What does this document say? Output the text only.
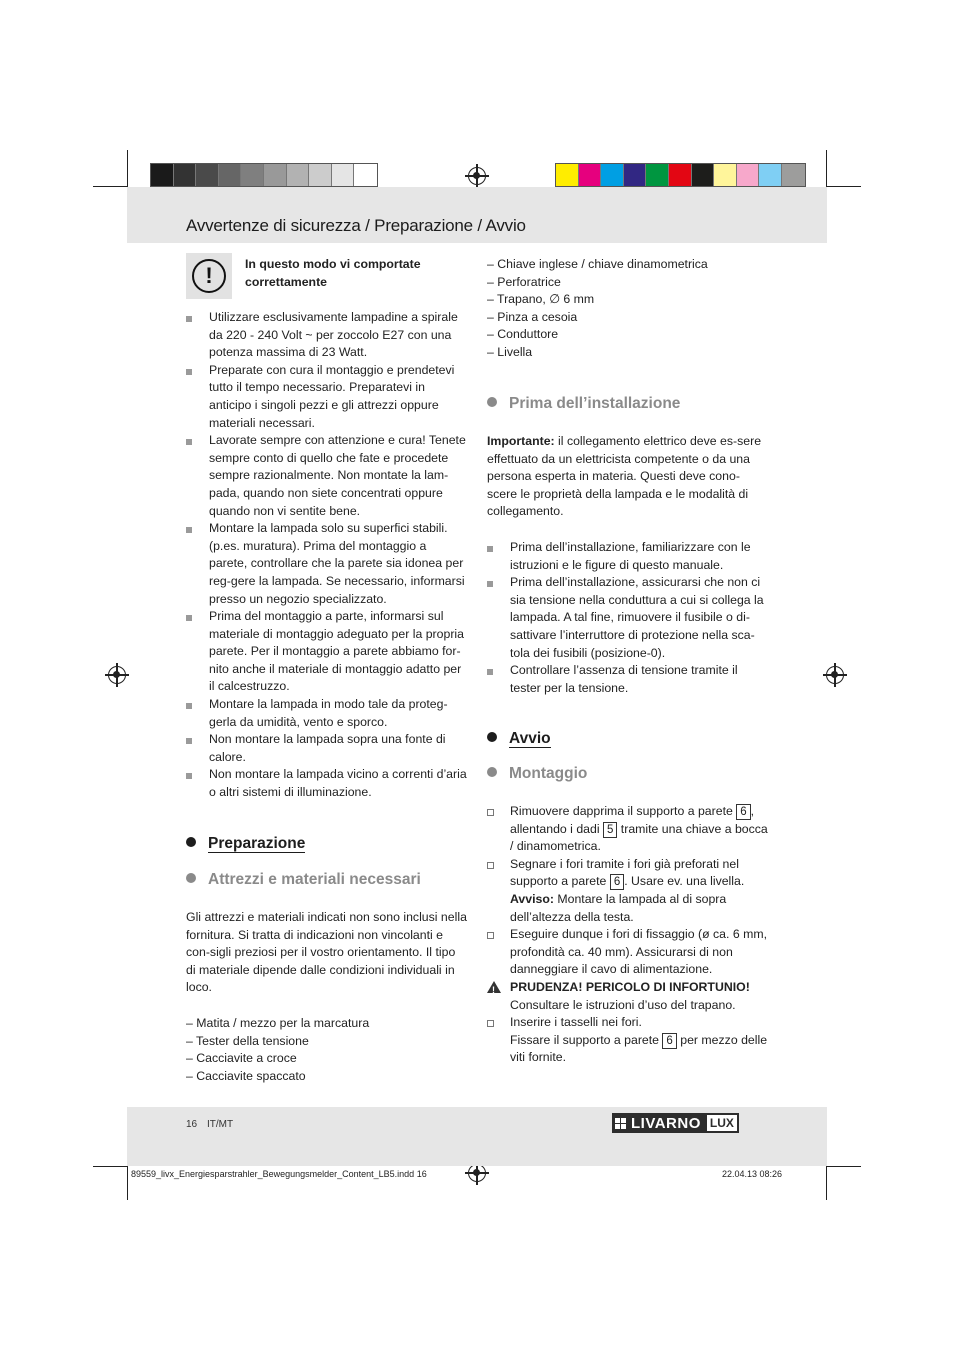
Avvertenze di sicurezza / Preparazione / Avvio
!	In questo modo vi comportate correttamente
Utilizzare esclusivamente lampadine a spirale da 220 - 240 Volt ~ per zoccolo E27 con una potenza massima di 23 Watt.
Preparate con cura il montaggio e prendetevi tutto il tempo necessario. Preparatevi in anticipo i singoli pezzi e gli attrezzi oppure materiali necessari.
Lavorate sempre con attenzione e cura! Tenete sempre conto di quello che fate e procedete sempre razionalmente. Non montate la lam-pada, quando non siete concentrati oppure quando non vi sentite bene.
Montare la lampada solo su superfici stabili. (p.es. muratura). Prima del montaggio a parete, controllare che la parete sia idonea per reg-gere la lampada. Se necessario, informarsi presso un negozio specializzato.
Prima del montaggio a parte, informarsi sul materiale di montaggio adeguato per la propria parete. Per il montaggio a parete abbiamo for-nito anche il materiale di montaggio adatto per il calcestruzzo.
Montare la lampada in modo tale da proteg-gerla da umidità, vento e sporco.
Non montare la lampada sopra una fonte di calore.
Non montare la lampada vicino a correnti d’aria o altri sistemi di illuminazione.
Preparazione
Attrezzi e materiali necessari
Gli attrezzi e materiali indicati non sono inclusi nella fornitura. Si tratta di indicazioni non vincolanti e con-sigli preziosi per il vostro orientamento. Il tipo di materiale dipende dalle condizioni individuali in loco.
– Matita / mezzo per la marcatura
– Tester della tensione
– Cacciavite a croce
– Cacciavite spaccato
– Chiave inglese / chiave dinamometrica
– Perforatrice
– Trapano, ∅ 6 mm
– Pinza a cesoia
– Conduttore
– Livella
Prima dell’installazione
Importante: il collegamento elettrico deve es-sere effettuato da un elettricista competente o da una persona esperta in materia. Questi deve cono-scere le proprietà della lampada e le modalità di collegamento.
Prima dell’installazione, familiarizzare con le istruzioni e le figure di questo manuale.
Prima dell’installazione, assicurarsi che non ci sia tensione nella conduttura a cui si collega la lampada. A tal fine, rimuovere il fusibile o di-sattivare l’interruttore di protezione nella sca-tola dei fusibili (posizione-0).
Controllare l’assenza di tensione tramite il tester per la tensione.
Avvio
Montaggio
Rimuovere dapprima il supporto a parete 6 , allentando i dadi 5 tramite una chiave a bocca / dinamometrica.
Segnare i fori tramite i fori già preforati nel supporto a parete 6 . Usare ev. una livella.
Avviso: Montare la lampada al di sopra dell’altezza della testa.
Eseguire dunque i fori di fissaggio (ø ca. 6 mm, profondità ca. 40 mm). Assicurarsi di non danneggiare il cavo di alimentazione.
!
PRUDENZA! PERICOLO DI INFORTUNIO!
Consultare le istruzioni d’uso del trapano.
Inserire i tasselli nei fori.
Fissare il supporto a parete 6 per mezzo delle viti fornite.
16 IT/MT	LIVARNO LUX
89559_livx_Energiesparstrahler_Bewegungsmelder_Content_LB5.indd 16	22.04.13 08:26
